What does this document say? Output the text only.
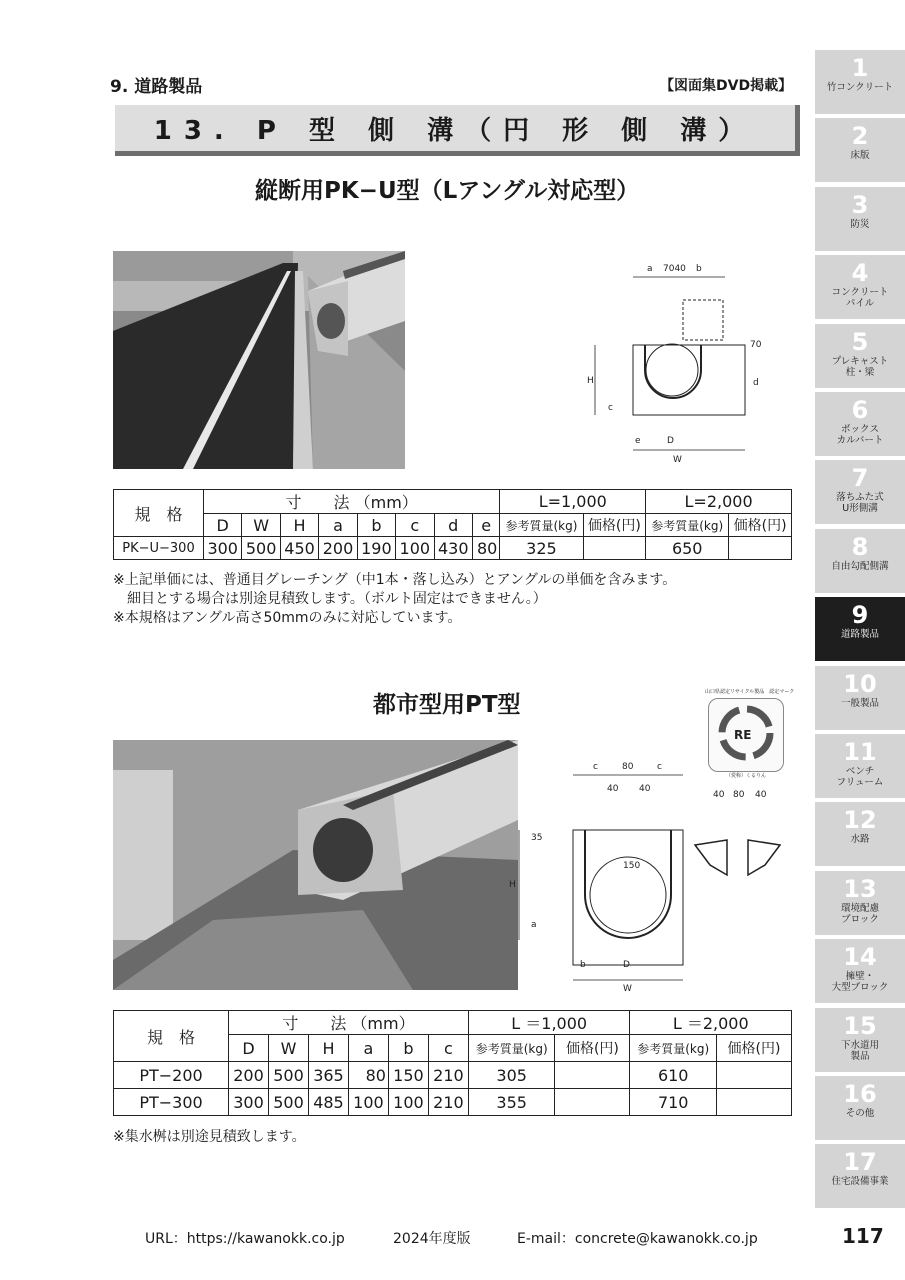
9. 道路製品	【図面集DVD掲載】
13. P 型 側 溝（円 形 側 溝）
縦断用PK−U型（Lアングル対応型）
a 7040 b
70
H	d
c
e	D
W
規　格	寸　　法 （mm）								L=1,000		L=2,000	
	D	W	H	a	b	c	d	e	参考質量(kg)	価格(円)	参考質量(kg)	価格(円)
PK−U−300	300	500	450	200	190	100	430	80	325		650	
※上記単価には、普通目グレーチング（中1本・落し込み）とアングルの単価を含みます。
　細目とする場合は別途見積致します。（ボルト固定はできません。）
※本規格はアングル高さ50mmのみに対応しています。
都市型用PT型	山口県認定リサイクル製品　認定マーク
RE
（愛称）くるりん
c	80	c
40 40
35
H
a
150
b	D
W
40 80 40
規　格	寸　　法 （mm）						L ＝1,000		L ＝2,000	
	D	W	H	a	b	c	参考質量(kg)	価格(円)	参考質量(kg)	価格(円)
PT−200	200	500	365	80	150	210	305		610	
PT−300	300	500	485	100	100	210	355		710	
※集水桝は別途見積致します。
1
竹コンクリート
2
床版
3
防災
4
コンクリート
パイル
5
プレキャスト
柱・梁
6
ボックス
カルバート
7
落ちふた式
U形側溝
8
自由勾配側溝
9
道路製品
10
一般製品
11
ベンチ
フリューム
12
水路
13
環境配慮
ブロック
14
擁壁・
大型ブロック
15
下水道用
製品
16
その他
17
住宅設備事業
URL：https://kawanokk.co.jp	2024年度版	E-mail：concrete@kawanokk.co.jp	117
